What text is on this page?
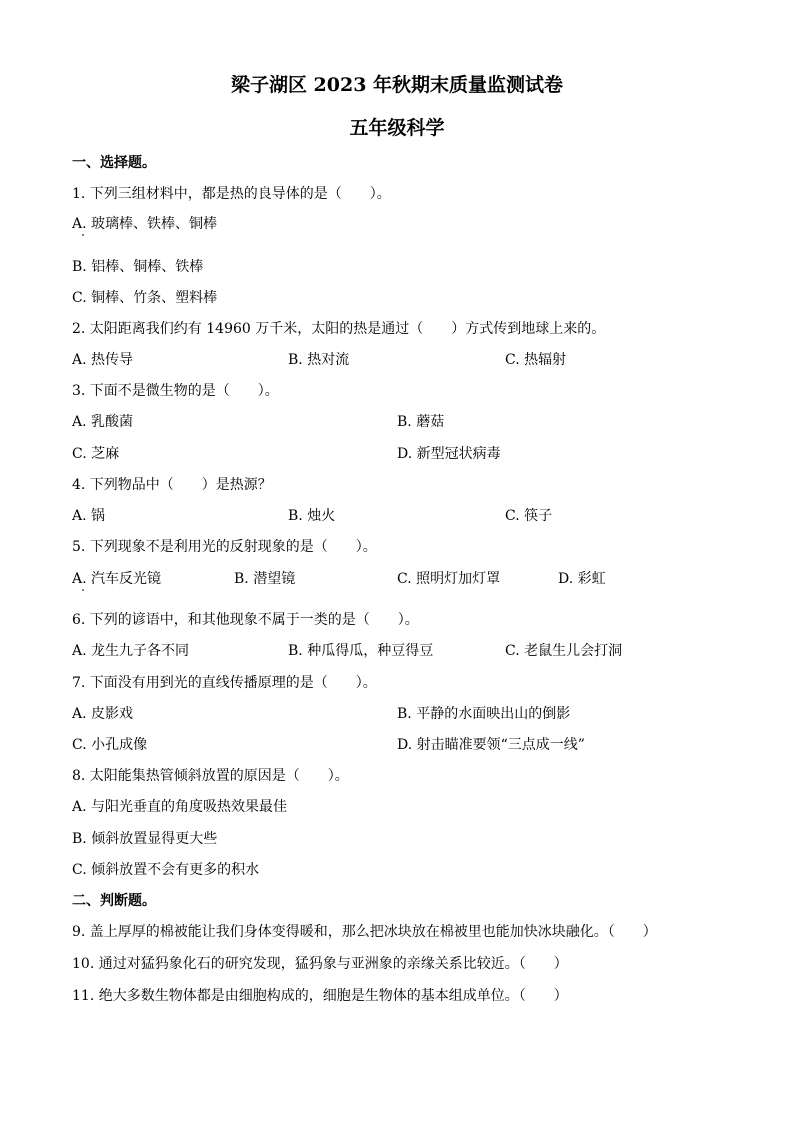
梁子湖区 2023 年秋期末质量监测试卷
五年级科学
一、选择题。
1. 下列三组材料中，都是热的良导体的是（　　）。
A. 玻璃棒、铁棒、铜棒
B. 铝棒、铜棒、铁棒
C. 铜棒、竹条、塑料棒
2. 太阳距离我们约有 14960 万千米，太阳的热是通过（　　）方式传到地球上来的。
A. 热传导	B. 热对流	C. 热辐射
3. 下面不是微生物的是（　　）。
A. 乳酸菌	B. 蘑菇
C. 芝麻	D. 新型冠状病毒
4. 下列物品中（　　）是热源？
A. 锅	B. 烛火	C. 筷子
5. 下列现象不是利用光的反射现象的是（　　）。
A. 汽车反光镜	B. 潜望镜	C. 照明灯加灯罩	D. 彩虹
6. 下列的谚语中，和其他现象不属于一类的是（　　）。
A. 龙生九子各不同	B. 种瓜得瓜，种豆得豆	C. 老鼠生儿会打洞
7. 下面没有用到光的直线传播原理的是（　　）。
A. 皮影戏	B. 平静的水面映出山的倒影
C. 小孔成像	D. 射击瞄准要领“三点成一线”
8. 太阳能集热管倾斜放置的原因是（　　）。
A. 与阳光垂直的角度吸热效果最佳
B. 倾斜放置显得更大些
C. 倾斜放置不会有更多的积水
二、判断题。
9. 盖上厚厚的棉被能让我们身体变得暖和，那么把冰块放在棉被里也能加快冰块融化。（　　）
10. 通过对猛犸象化石的研究发现，猛犸象与亚洲象的亲缘关系比较近。（　　）
11. 绝大多数生物体都是由细胞构成的，细胞是生物体的基本组成单位。（　　）
